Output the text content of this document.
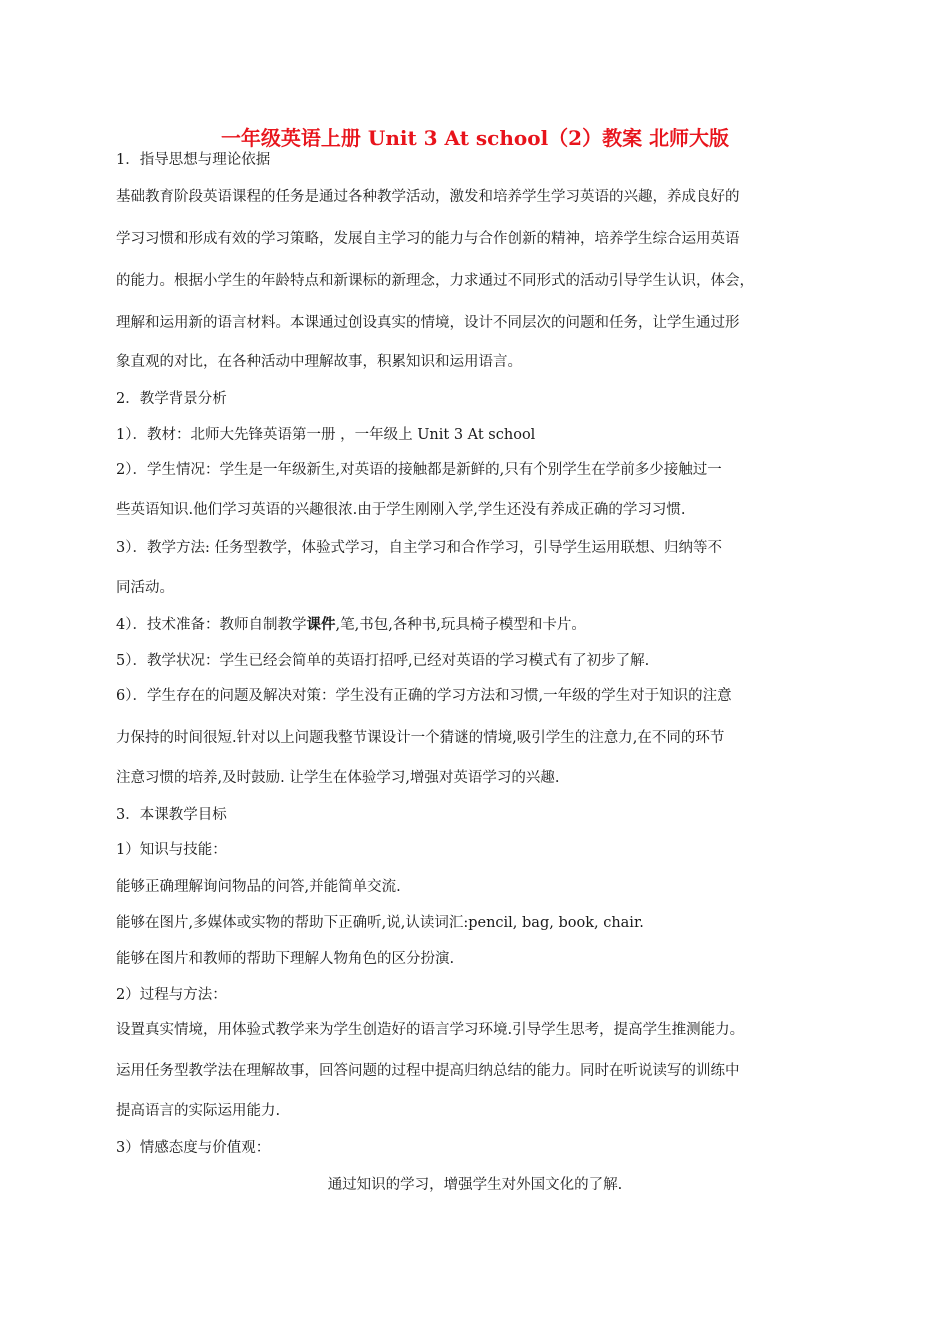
一年级英语上册 Unit 3 At school（2）教案 北师大版
1．指导思想与理论依据
基础教育阶段英语课程的任务是通过各种教学活动，激发和培养学生学习英语的兴趣，养成良好的
学习习惯和形成有效的学习策略，发展自主学习的能力与合作创新的精神，培养学生综合运用英语
的能力。根据小学生的年龄特点和新课标的新理念，力求通过不同形式的活动引导学生认识，体会，
理解和运用新的语言材料。本课通过创设真实的情境，设计不同层次的问题和任务，让学生通过形
象直观的对比，在各种活动中理解故事，积累知识和运用语言。
2．教学背景分析
1）．教材：北师大先锋英语第一册 ，一年级上 Unit 3 At school
2）．学生情况：学生是一年级新生,对英语的接触都是新鲜的,只有个别学生在学前多少接触过一
些英语知识.他们学习英语的兴趣很浓.由于学生刚刚入学,学生还没有养成正确的学习习惯.
3）．教学方法: 任务型教学，体验式学习，自主学习和合作学习，引导学生运用联想、归纳等不
同活动。
4）．技术准备：教师自制教学课件,笔,书包,各种书,玩具椅子模型和卡片。
5）．教学状况：学生已经会简单的英语打招呼,已经对英语的学习模式有了初步了解.
6）．学生存在的问题及解决对策：学生没有正确的学习方法和习惯,一年级的学生对于知识的注意
力保持的时间很短.针对以上问题我整节课设计一个猜谜的情境,吸引学生的注意力,在不同的环节
注意习惯的培养,及时鼓励. 让学生在体验学习,增强对英语学习的兴趣.
3．本课教学目标
1）知识与技能：
能够正确理解询问物品的问答,并能简单交流.
能够在图片,多媒体或实物的帮助下正确听,说,认读词汇:pencil, bag, book, chair.
能够在图片和教师的帮助下理解人物角色的区分扮演.
2）过程与方法：
设置真实情境，用体验式教学来为学生创造好的语言学习环境.引导学生思考，提高学生推测能力。
运用任务型教学法在理解故事，回答问题的过程中提高归纳总结的能力。同时在听说读写的训练中
提高语言的实际运用能力.
3）情感态度与价值观：
通过知识的学习，增强学生对外国文化的了解.
